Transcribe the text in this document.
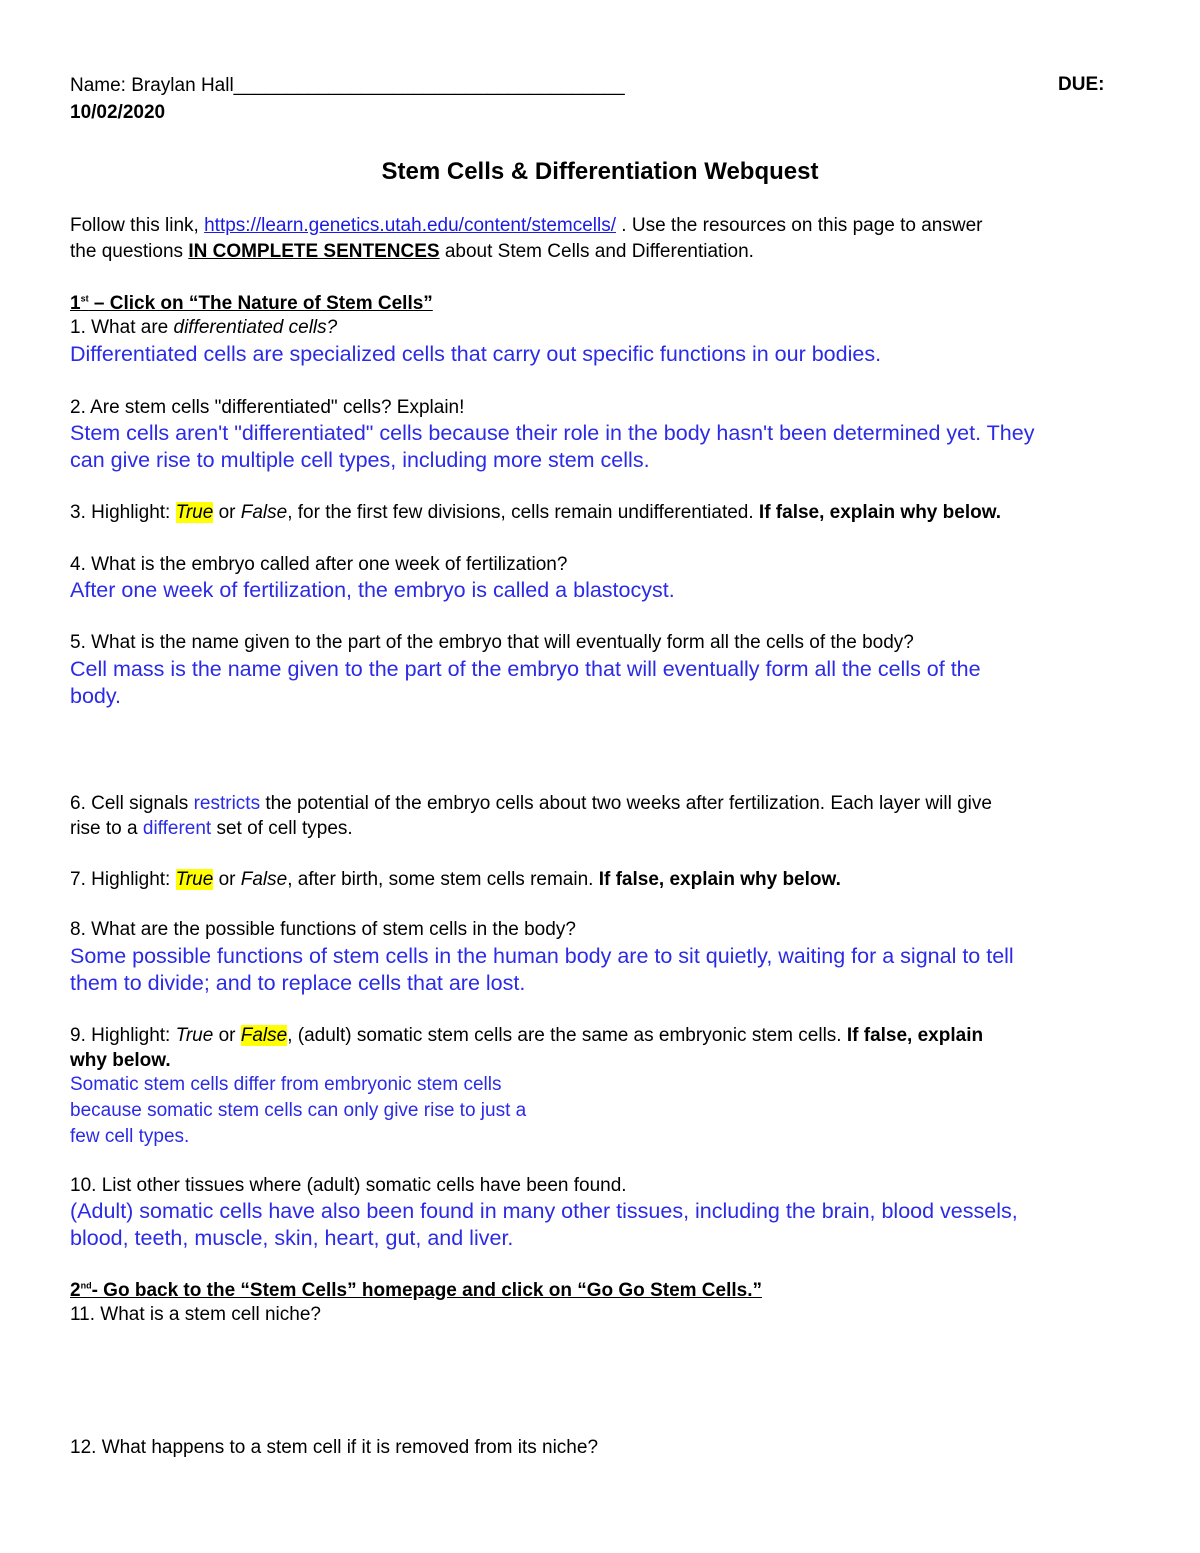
Name: Braylan Hall_____________________________________	DUE:
10/02/2020
Stem Cells & Differentiation Webquest
Follow this link, https://learn.genetics.utah.edu/content/stemcells/ . Use the resources on this page to answer
the questions IN COMPLETE SENTENCES about Stem Cells and Differentiation.
1st – Click on “The Nature of Stem Cells”
1. What are differentiated cells?
Differentiated cells are specialized cells that carry out specific functions in our bodies.
2. Are stem cells "differentiated" cells? Explain!
Stem cells aren't "differentiated" cells because their role in the body hasn't been determined yet. They
can give rise to multiple cell types, including more stem cells.
3. Highlight: True or False, for the first few divisions, cells remain undifferentiated. If false, explain why below.
4. What is the embryo called after one week of fertilization?
After one week of fertilization, the embryo is called a blastocyst.
5. What is the name given to the part of the embryo that will eventually form all the cells of the body?
Cell mass is the name given to the part of the embryo that will eventually form all the cells of the
body.
6. Cell signals restricts the potential of the embryo cells about two weeks after fertilization. Each layer will give
rise to a different set of cell types.
7. Highlight: True or False, after birth, some stem cells remain. If false, explain why below.
8. What are the possible functions of stem cells in the body?
Some possible functions of stem cells in the human body are to sit quietly, waiting for a signal to tell
them to divide; and to replace cells that are lost.
9. Highlight: True or False, (adult) somatic stem cells are the same as embryonic stem cells. If false, explain
why below.
Somatic stem cells differ from embryonic stem cells
because somatic stem cells can only give rise to just a
few cell types.
10. List other tissues where (adult) somatic cells have been found.
(Adult) somatic cells have also been found in many other tissues, including the brain, blood vessels,
blood, teeth, muscle, skin, heart, gut, and liver.
2nd- Go back to the “Stem Cells” homepage and click on “Go Go Stem Cells.”
11. What is a stem cell niche?
12. What happens to a stem cell if it is removed from its niche?
